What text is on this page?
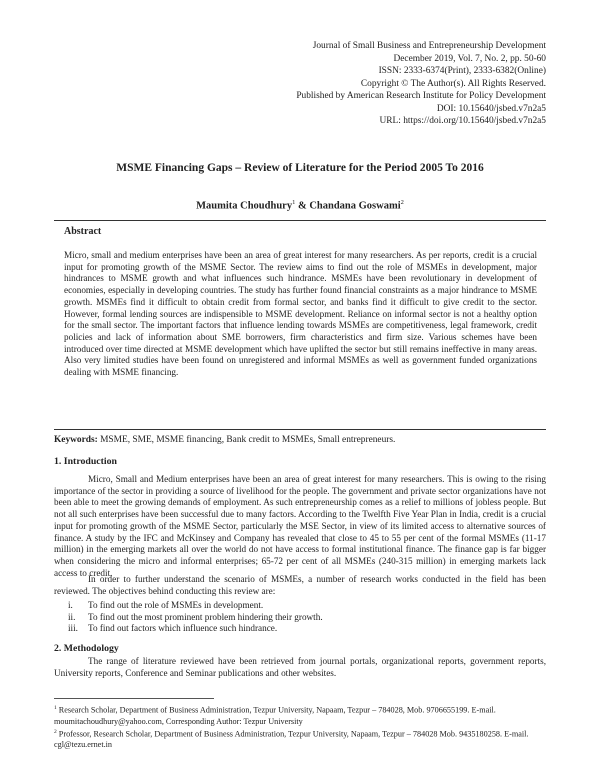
Journal of Small Business and Entrepreneurship Development
December 2019, Vol. 7, No. 2, pp. 50-60
ISSN: 2333-6374(Print), 2333-6382(Online)
Copyright © The Author(s). All Rights Reserved.
Published by American Research Institute for Policy Development
DOI: 10.15640/jsbed.v7n2a5
URL: https://doi.org/10.15640/jsbed.v7n2a5
MSME Financing Gaps – Review of Literature for the Period 2005 To 2016
Maumita Choudhury$^1$ & Chandana Goswami$^2$
Abstract

Micro, small and medium enterprises have been an area of great interest for many researchers. As per reports, credit is a crucial input for promoting growth of the MSME Sector. The review aims to find out the role of MSMEs in development, major hindrances to MSME growth and what influences such hindrance. MSMEs have been revolutionary in development of economies, especially in developing countries. The study has further found financial constraints as a major hindrance to MSME growth. MSMEs find it difficult to obtain credit from formal sector, and banks find it difficult to give credit to the sector. However, formal lending sources are indispensible to MSME development. Reliance on informal sector is not a healthy option for the small sector. The important factors that influence lending towards MSMEs are competitiveness, legal framework, credit policies and lack of information about SME borrowers, firm characteristics and firm size. Various schemes have been introduced over time directed at MSME development which have uplifted the sector but still remains ineffective in many areas. Also very limited studies have been found on unregistered and informal MSMEs as well as government funded organizations dealing with MSME financing.

Keywords: MSME, SME, MSME financing, Bank credit to MSMEs, Small entrepreneurs.

1. Introduction

Micro, Small and Medium enterprises have been an area of great interest for many researchers. This is owing to the rising importance of the sector in providing a source of livelihood for the people. The government and private sector organizations have not been able to meet the growing demands of employment. As such entrepreneurship comes as a relief to millions of jobless people. But not all such enterprises have been successful due to many factors. According to the Twelfth Five Year Plan in India, credit is a crucial input for promoting growth of the MSME Sector, particularly the MSE Sector, in view of its limited access to alternative sources of finance. A study by the IFC and McKinsey and Company has revealed that close to 45 to 55 per cent of the formal MSMEs (11-17 million) in the emerging markets all over the world do not have access to formal institutional finance. The finance gap is far bigger when considering the micro and informal enterprises; 65-72 per cent of all MSMEs (240-315 million) in emerging markets lack access to credit.

In order to further understand the scenario of MSMEs, a number of research works conducted in the field has been reviewed. The objectives behind conducting this review are:

i. To find out the role of MSMEs in development.
ii. To find out the most prominent problem hindering their growth.
iii. To find out factors which influence such hindrance.
2. Methodology

The range of literature reviewed have been retrieved from journal portals, organizational reports, government reports, University reports, Conference and Seminar publications and other websites.

$^1$ Research Scholar, Department of Business Administration, Tezpur University, Napaam, Tezpur – 784028, Mob. 9706655199. E-mail. moumitachoudhury@yahoo.com, Corresponding Author: Tezpur University

$^2$ Professor, Research Scholar, Department of Business Administration, Tezpur University, Napaam, Tezpur – 784028 Mob. 9435180258. E-mail. cgl@tezu.ernet.in
